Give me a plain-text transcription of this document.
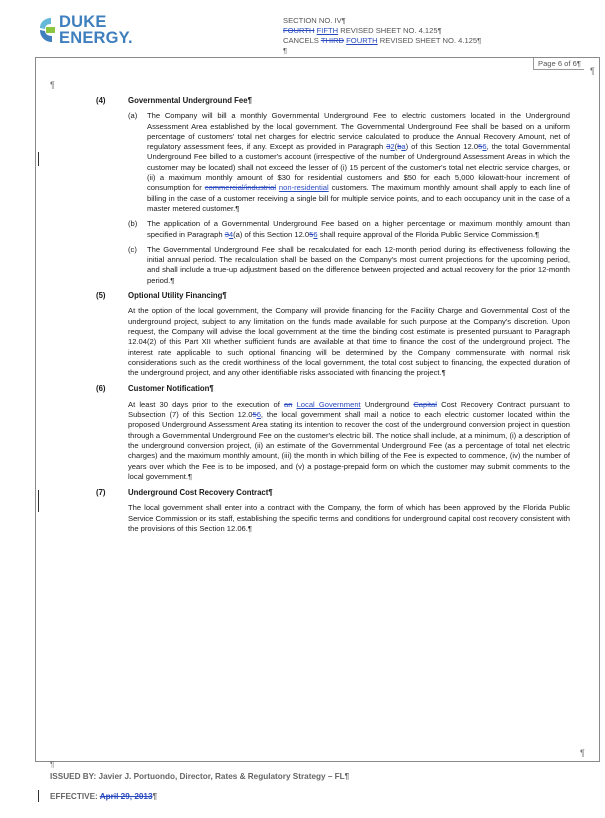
DUKE
ENERGY.
SECTION NO. IV¶
FOURTH FIFTH REVISED SHEET NO. 4.125¶
CANCELS THIRD FOURTH REVISED SHEET NO. 4.125¶
¶
Page 6 of 6¶
¶
¶
¶
(4)	Governmental Underground Fee¶
(a)	The Company will bill a monthly Governmental Underground Fee to electric customers located in the Underground Assessment Area established by the local government. The Governmental Underground Fee shall be based on a uniform percentage of customers' total net charges for electric service calculated to produce the Annual Recovery Amount, net of regulatory assessment fees, if any. Except as provided in Paragraph 32(ba) of this Section 12.056, the total Governmental Underground Fee billed to a customer's account (irrespective of the number of Underground Assessment Areas in which the customer may be located) shall not exceed the lesser of (i) 15 percent of the customer's total net electric service charges, or (ii) a maximum monthly amount of $30 for residential customers and $50 for each 5,000 kilowatt-hour increment of consumption for commercial/industrial non-residential customers. The maximum monthly amount shall apply to each line of billing in the case of a customer receiving a single bill for multiple service points, and to each occupancy unit in the case of a master metered customer.¶
(b)	The application of a Governmental Underground Fee based on a higher percentage or maximum monthly amount than specified in Paragraph 34(a) of this Section 12.056 shall require approval of the Florida Public Service Commission.¶
(c)	The Governmental Underground Fee shall be recalculated for each 12-month period during its effectiveness following the initial annual period. The recalculation shall be based on the Company's most current projections for the upcoming period, and shall include a true-up adjustment based on the difference between projected and actual recovery for the prior 12-month period.¶
(5)	Optional Utility Financing¶
At the option of the local government, the Company will provide financing for the Facility Charge and Governmental Cost of the underground project, subject to any limitation on the funds made available for such purpose at the Company's discretion. Upon request, the Company will advise the local government at the time the binding cost estimate is presented pursuant to Paragraph 12.04(2) of this Part XII whether sufficient funds are available at that time to finance the cost of the underground project. The interest rate applicable to such optional financing will be determined by the Company commensurate with normal risk considerations such as the credit worthiness of the local government, the total cost subject to financing, the expected duration of the underground project, and any other identifiable risks associated with financing the project.¶
(6)	Customer Notification¶
At least 30 days prior to the execution of an Local Government Underground Capital Cost Recovery Contract pursuant to Subsection (7) of this Section 12.056, the local government shall mail a notice to each electric customer located within the proposed Underground Assessment Area stating its intention to recover the cost of the underground conversion project in question through a Governmental Underground Fee on the customer's electric bill. The notice shall include, at a minimum, (i) a description of the underground conversion project, (ii) an estimate of the Governmental Underground Fee (as a percentage of total net electric charges) and the maximum monthly amount, (iii) the month in which billing of the Fee is expected to commence, (iv) the number of years over which the Fee is to be imposed, and (v) a postage-prepaid form on which the customer may submit comments to the local government.¶
(7)	Underground Cost Recovery Contract¶
The local government shall enter into a contract with the Company, the form of which has been approved by the Florida Public Service Commission or its staff, establishing the specific terms and conditions for underground capital cost recovery consistent with the provisions of this Section 12.06.¶
¶
ISSUED BY: Javier J. Portuondo, Director, Rates & Regulatory Strategy – FL¶
EFFECTIVE: April 29, 2013¶
